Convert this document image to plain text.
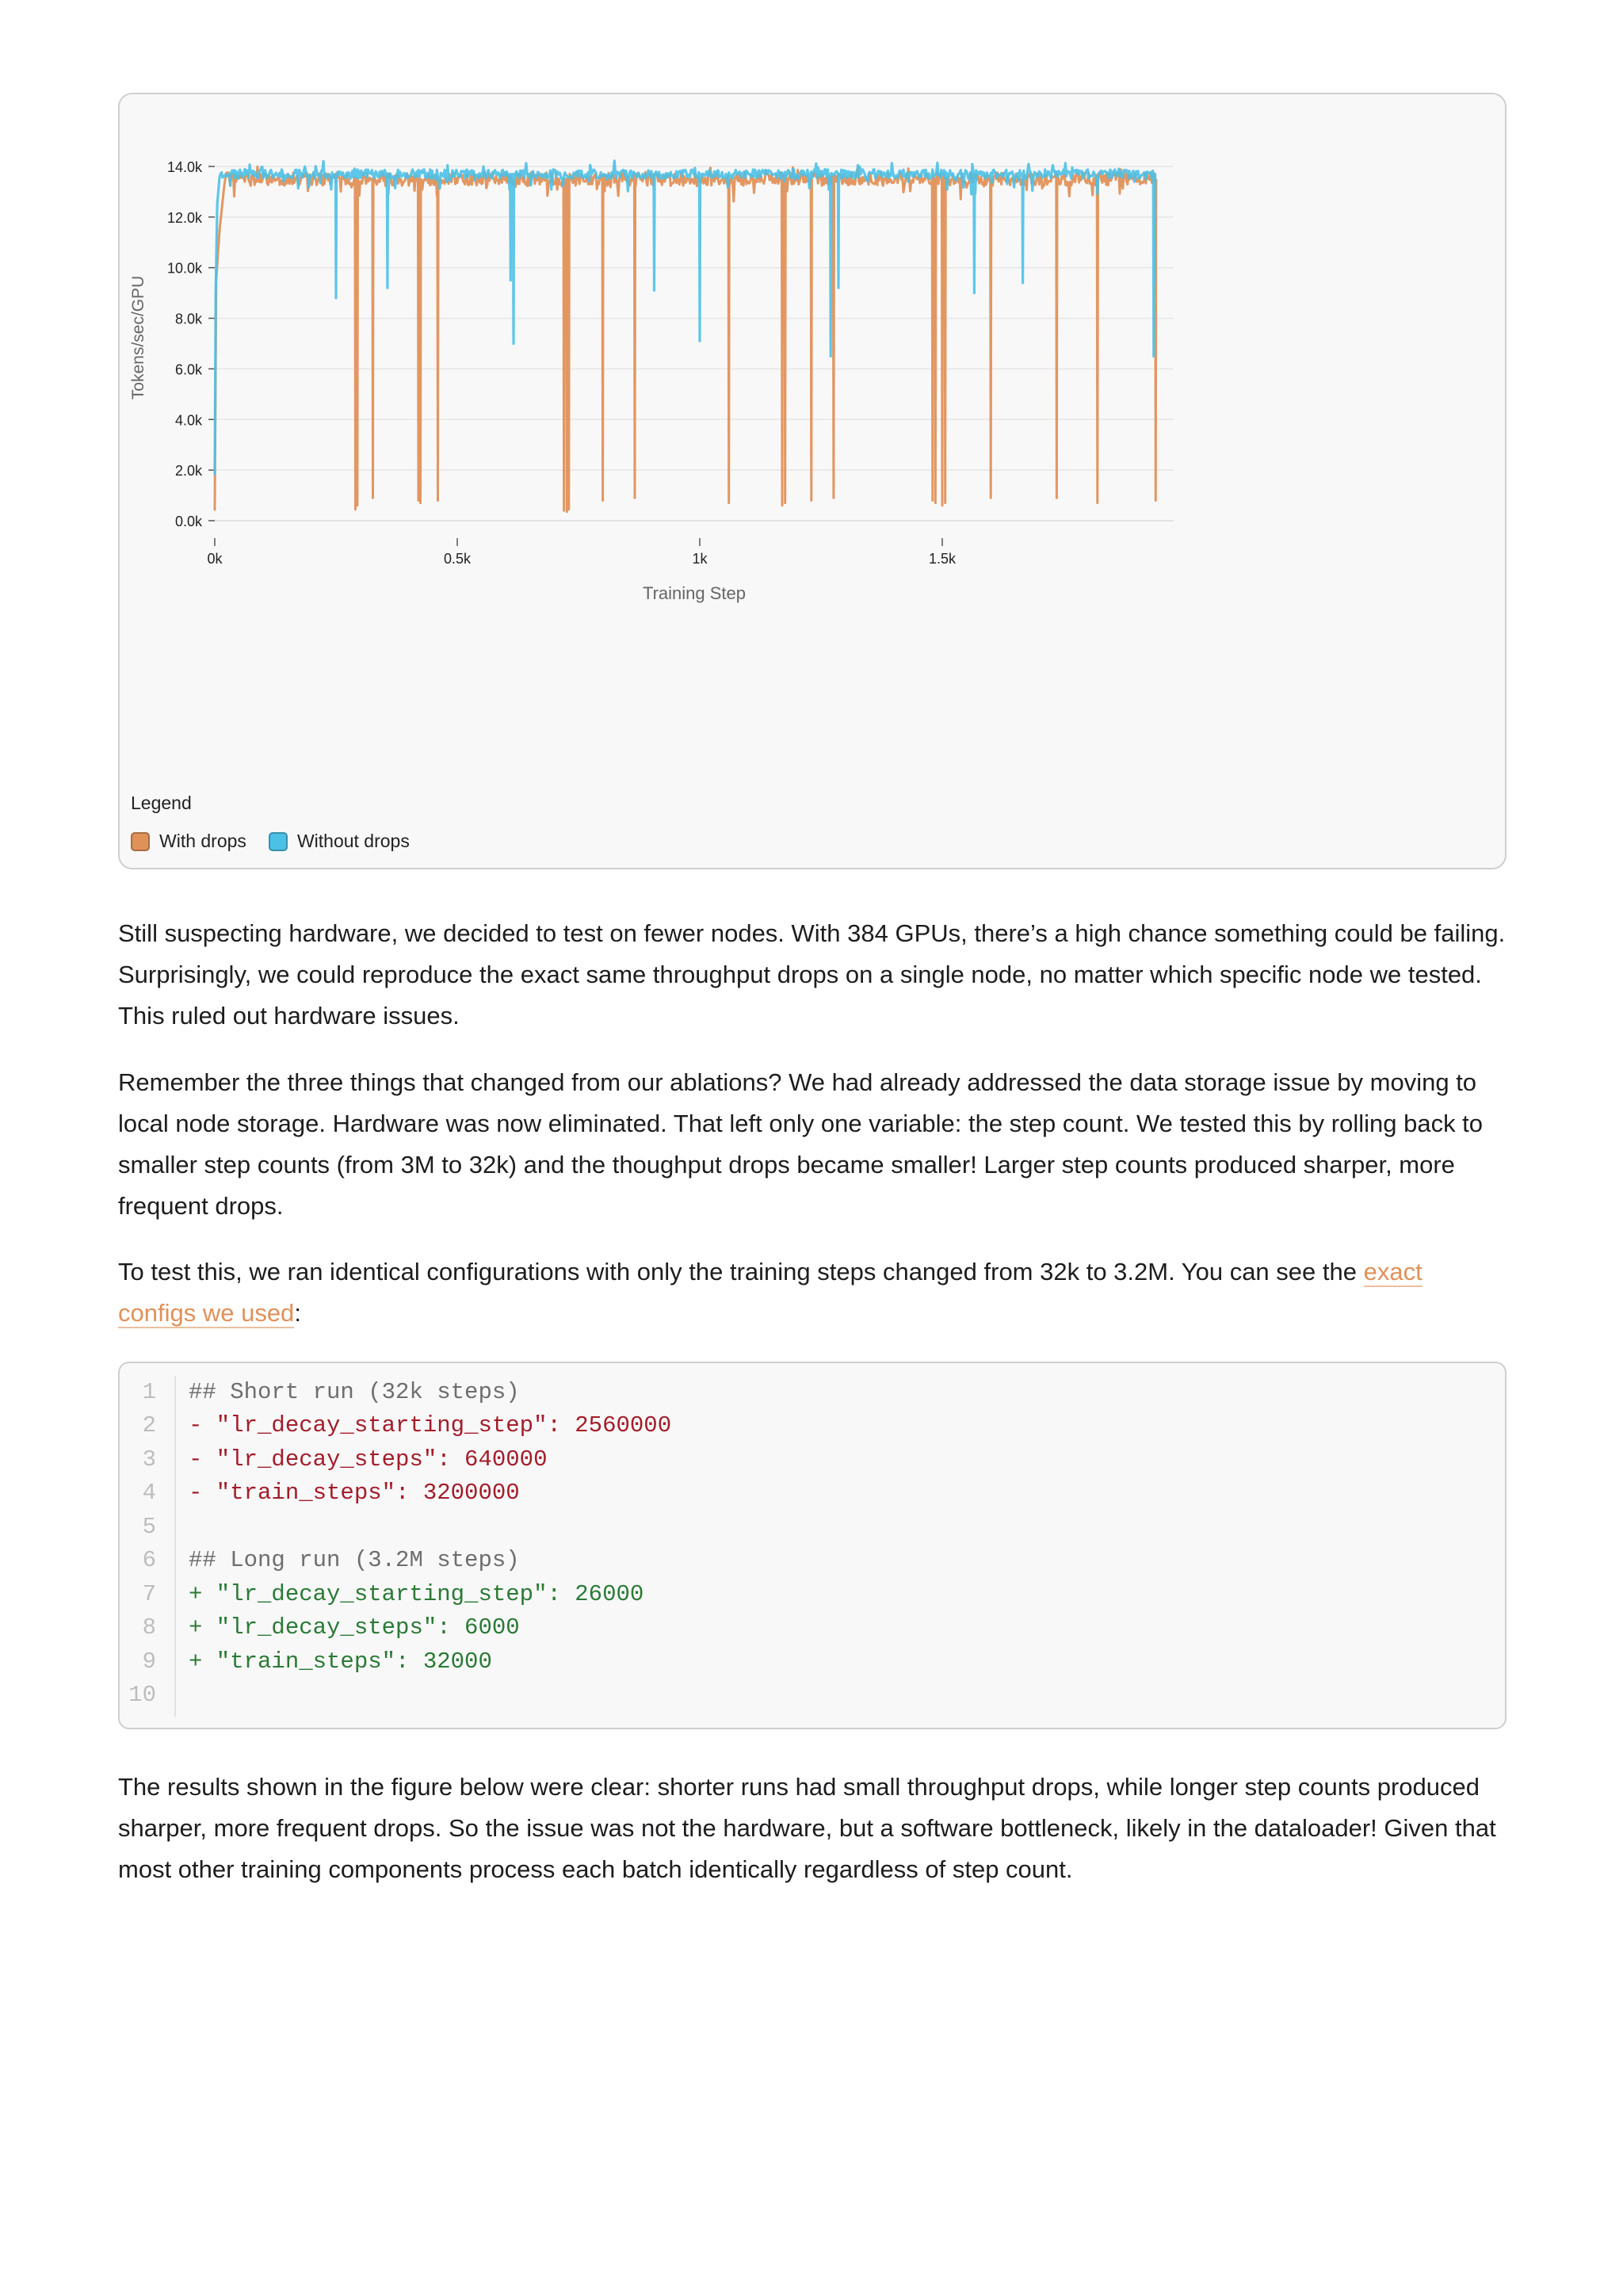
0.0k
2.0k
4.0k
6.0k
8.0k
10.0k
12.0k
14.0k
0k	0.5k	1k	1.5k
Training Step
Tokens/sec/GPU
Legend
With drops	Without drops

Still suspecting hardware, we decided to test on fewer nodes. With 384 GPUs, there’s a high chance something could be failing. Surprisingly, we could reproduce the exact same throughput drops on a single node, no matter which specific node we tested. This ruled out hardware issues.

Remember the three things that changed from our ablations? We had already addressed the data storage issue by moving to local node storage. Hardware was now eliminated. That left only one variable: the step count. We tested this by rolling back to smaller step counts (from 3M to 32k) and the thoughput drops became smaller! Larger step counts produced sharper, more frequent drops.

To test this, we ran identical configurations with only the training steps changed from 32k to 3.2M. You can see the exact configs we used:

1	## Short run (32k steps)
2	- "lr_decay_starting_step": 2560000
3	- "lr_decay_steps": 640000
4	- "train_steps": 3200000
5
6	## Long run (3.2M steps)
7	+ "lr_decay_starting_step": 26000
8	+ "lr_decay_steps": 6000
9	+ "train_steps": 32000
10

The results shown in the figure below were clear: shorter runs had small throughput drops, while longer step counts produced sharper, more frequent drops. So the issue was not the hardware, but a software bottleneck, likely in the dataloader! Given that most other training components process each batch identically regardless of step count.
